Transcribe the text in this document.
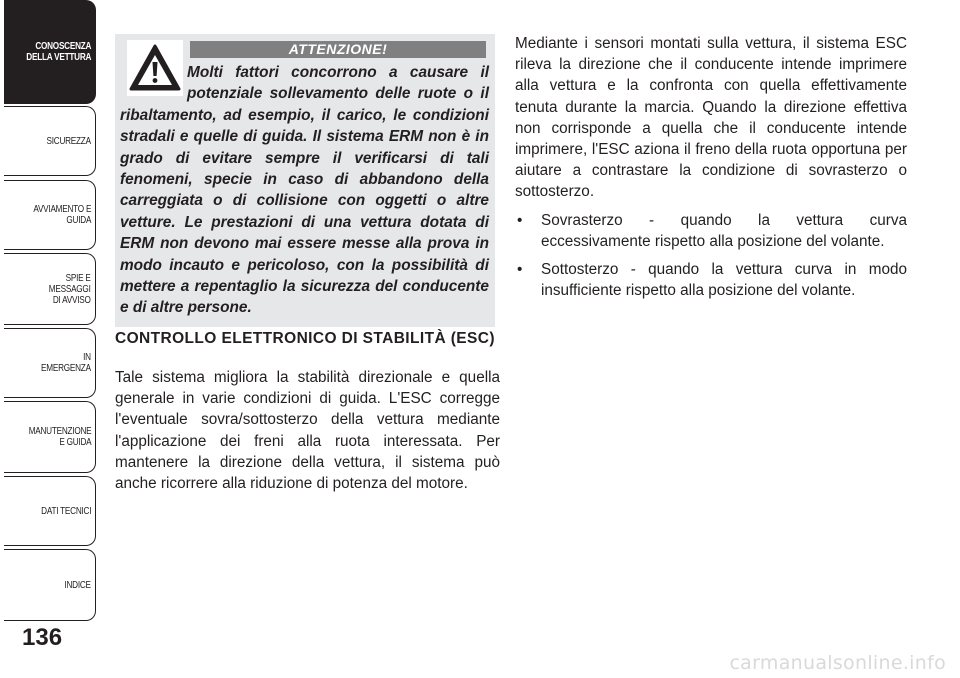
CONOSCENZA
DELLA VETTURA
SICUREZZA
AVVIAMENTO E
GUIDA
SPIE E
MESSAGGI
DI AVVISO
IN
EMERGENZA
MANUTENZIONE
E GUIDA
DATI TECNICI
INDICE
136
ATTENZIONE!
Molti fattori concorrono a causare il potenziale sollevamento delle ruote o il ribaltamento, ad esempio, il carico, le condizioni stradali e quelle di guida. Il sistema ERM non è in grado di evitare sempre il verificarsi di tali fenomeni, specie in caso di abbandono della carreggiata o di collisione con oggetti o altre vetture. Le prestazioni di una vettura dotata di ERM non devono mai essere messe alla prova in modo incauto e pericoloso, con la possibilità di mettere a repentaglio la sicurezza del conducente e di altre persone.
CONTROLLO ELETTRONICO DI STABILITÀ (ESC)
Tale sistema migliora la stabilità direzionale e quella generale in varie condizioni di guida. L'ESC corregge l'eventuale sovra/sottosterzo della vettura mediante l'applicazione dei freni alla ruota interessata. Per mantenere la direzione della vettura, il sistema può anche ricorrere alla riduzione di potenza del motore.
Mediante i sensori montati sulla vettura, il sistema ESC rileva la direzione che il conducente intende imprimere alla vettura e la confronta con quella effettivamente tenuta durante la marcia. Quando la direzione effettiva non corrisponde a quella che il conducente intende imprimere, l'ESC aziona il freno della ruota opportuna per aiutare a contrastare la condizione di sovrasterzo o sottosterzo.
• Sovrasterzo - quando la vettura curva eccessivamente rispetto alla posizione del volante.
• Sottosterzo - quando la vettura curva in modo insufficiente rispetto alla posizione del volante.
carmanualsonline.info
